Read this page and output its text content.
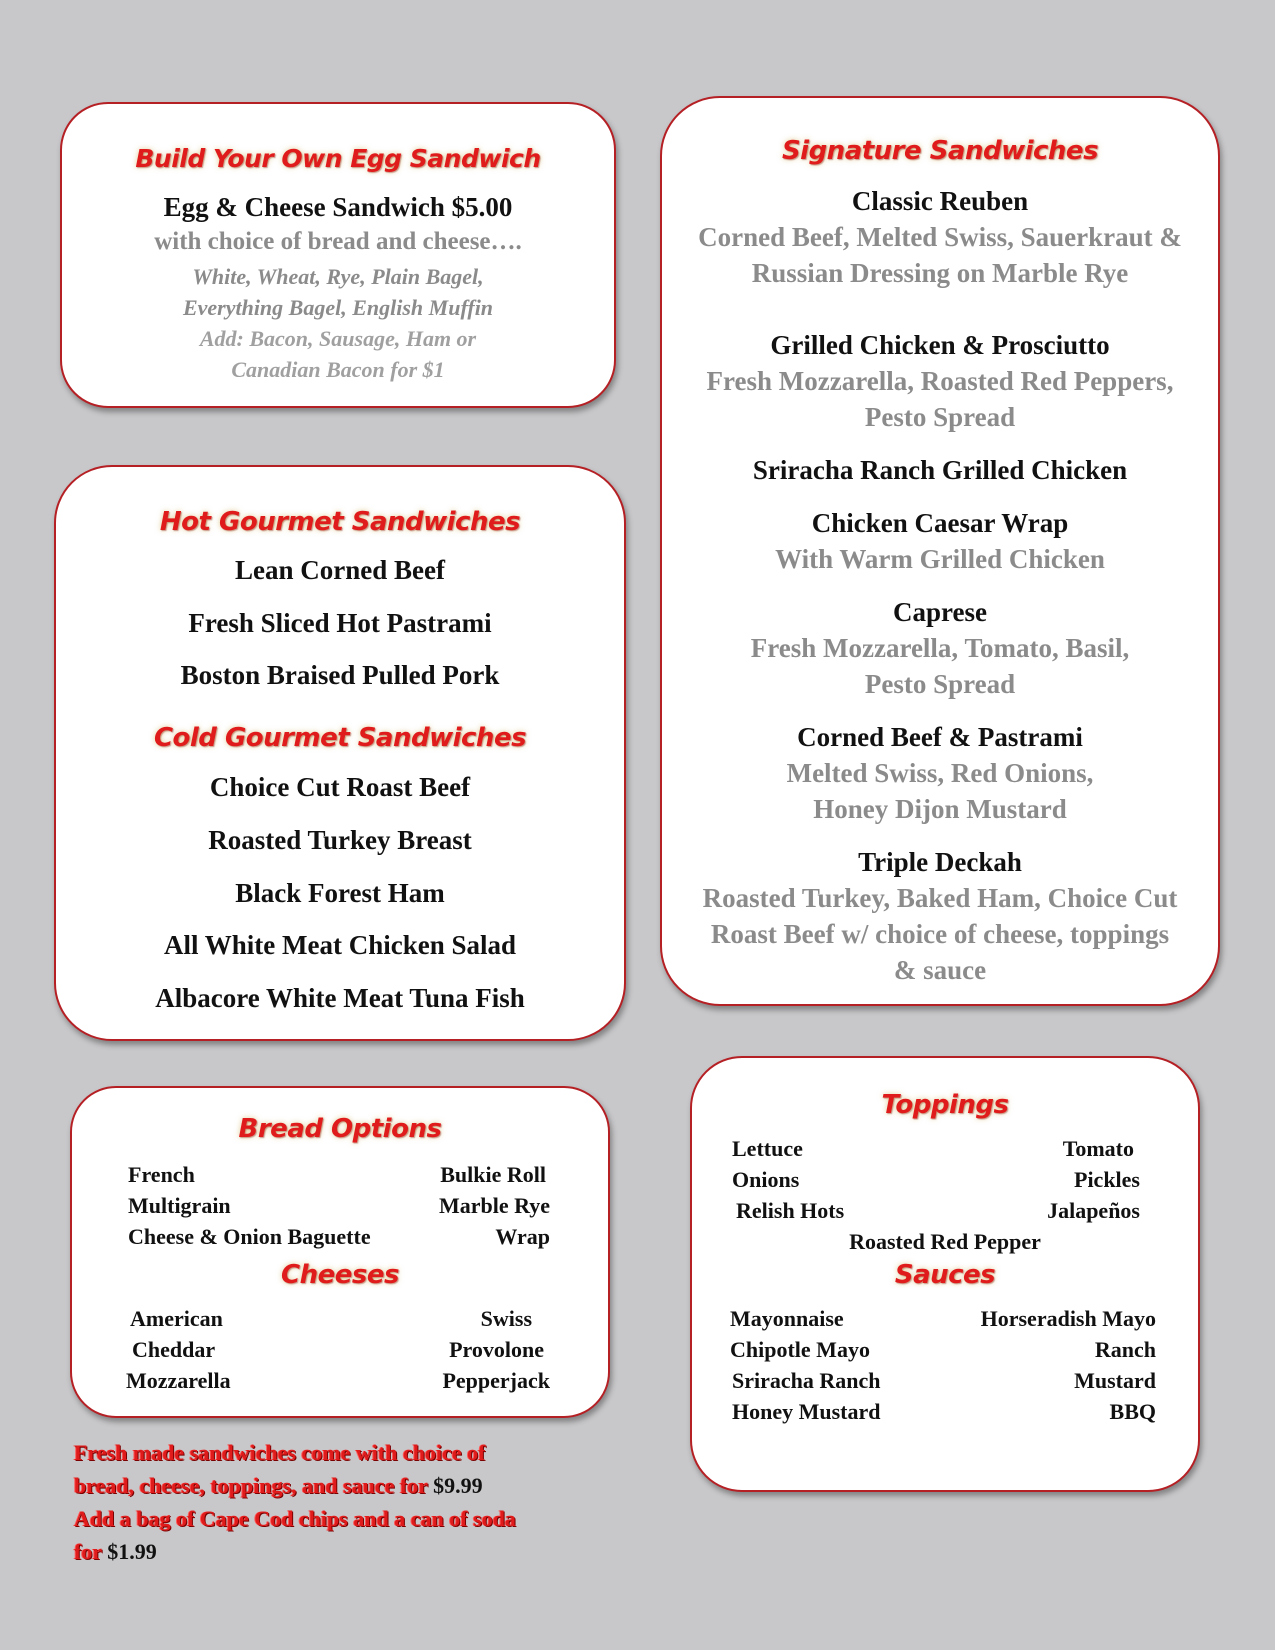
Build Your Own Egg Sandwich
Egg & Cheese Sandwich $5.00
with choice of bread and cheese….
White, Wheat, Rye, Plain Bagel,
Everything Bagel, English Muffin
Add: Bacon, Sausage, Ham or
Canadian Bacon for $1
Hot Gourmet Sandwiches
Lean Corned Beef
Fresh Sliced Hot Pastrami
Boston Braised Pulled Pork
Cold Gourmet Sandwiches
Choice Cut Roast Beef
Roasted Turkey Breast
Black Forest Ham
All White Meat Chicken Salad
Albacore White Meat Tuna Fish
Signature Sandwiches
Classic Reuben
Corned Beef, Melted Swiss, Sauerkraut &
Russian Dressing on Marble Rye
Grilled Chicken & Prosciutto
Fresh Mozzarella, Roasted Red Peppers,
Pesto Spread
Sriracha Ranch Grilled Chicken
Chicken Caesar Wrap
With Warm Grilled Chicken
Caprese
Fresh Mozzarella, Tomato, Basil,
Pesto Spread
Corned Beef & Pastrami
Melted Swiss, Red Onions,
Honey Dijon Mustard
Triple Deckah
Roasted Turkey, Baked Ham, Choice Cut
Roast Beef w/ choice of cheese, toppings
& sauce
Bread Options
French
Multigrain
Cheese & Onion Baguette
Bulkie Roll
Marble Rye
Wrap
Cheeses
American
Cheddar
Mozzarella
Swiss
Provolone
Pepperjack
Toppings
Lettuce
Onions
Relish Hots
Tomato
Pickles
Jalapeños
Roasted Red Pepper
Sauces
Mayonnaise
Chipotle Mayo
Sriracha Ranch
Honey Mustard
Horseradish Mayo
Ranch
Mustard
BBQ
Fresh made sandwiches come with choice of
bread, cheese, toppings, and sauce for $9.99
Add a bag of Cape Cod chips and a can of soda
for $1.99
